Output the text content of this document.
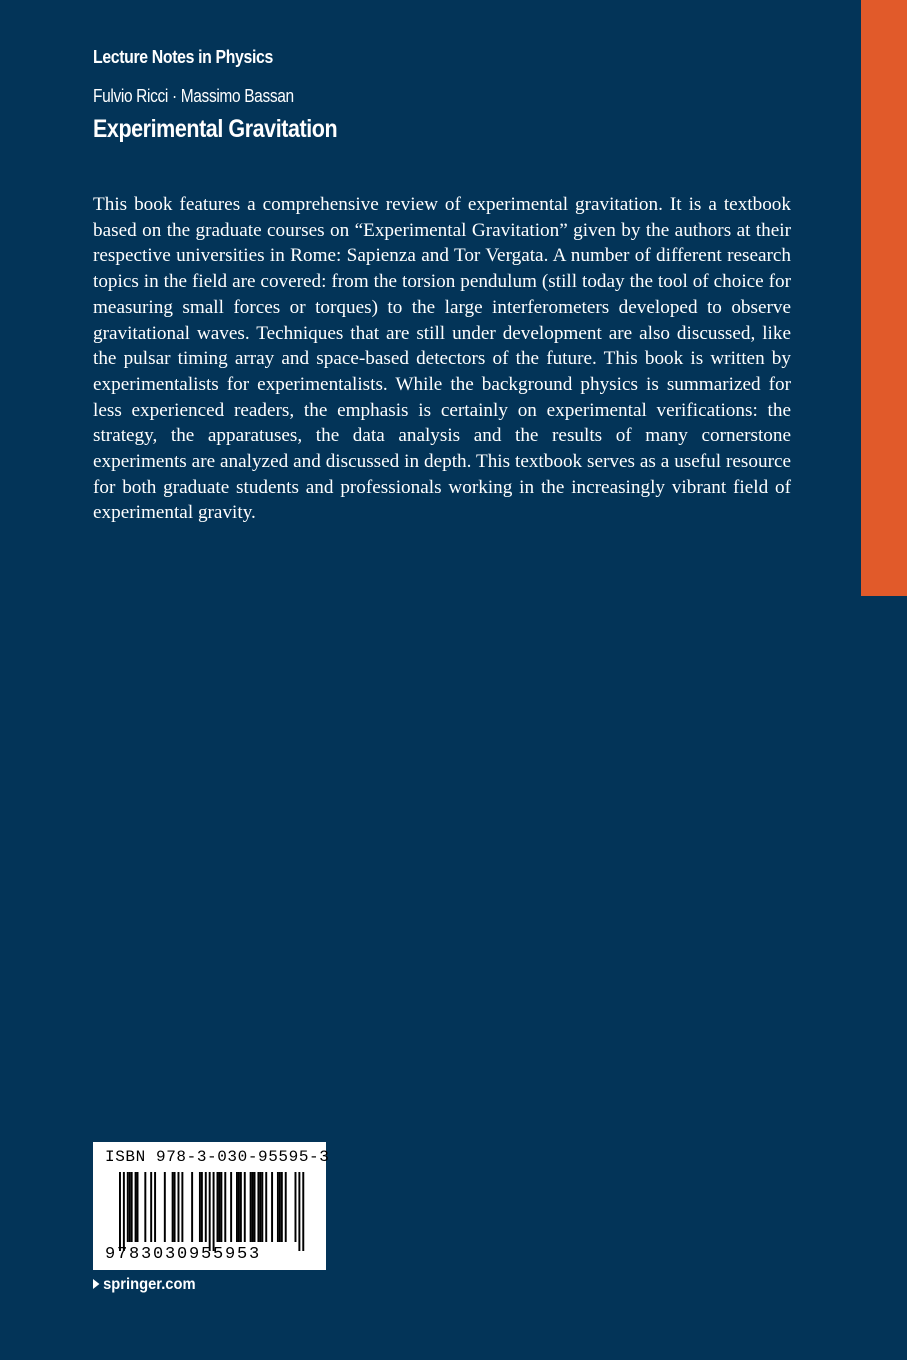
Lecture Notes in Physics
Fulvio Ricci · Massimo Bassan
Experimental Gravitation
This book features a comprehensive review of experimental gravitation. It is a textbook based on the graduate courses on “Experimental Gravitation” given by the authors at their respective universities in Rome: Sapienza and Tor Vergata. A number of different research topics in the field are covered: from the torsion pendulum (still today the tool of choice for measuring small forces or torques) to the large interferometers developed to observe gravitational waves. Techniques that are still under development are also discussed, like the pulsar timing array and space-based detectors of the future. This book is written by experimentalists for experimentalists. While the background physics is summarized for less experienced readers, the emphasis is certainly on experimental verifications: the strategy, the apparatuses, the data analysis and the results of many cornerstone experiments are analyzed and discussed in depth. This textbook serves as a useful resource for both graduate students and professionals working in the increasingly vibrant field of experimental gravity.
ISBN 978-3-030-95595-3
9783030955953
springer.com
